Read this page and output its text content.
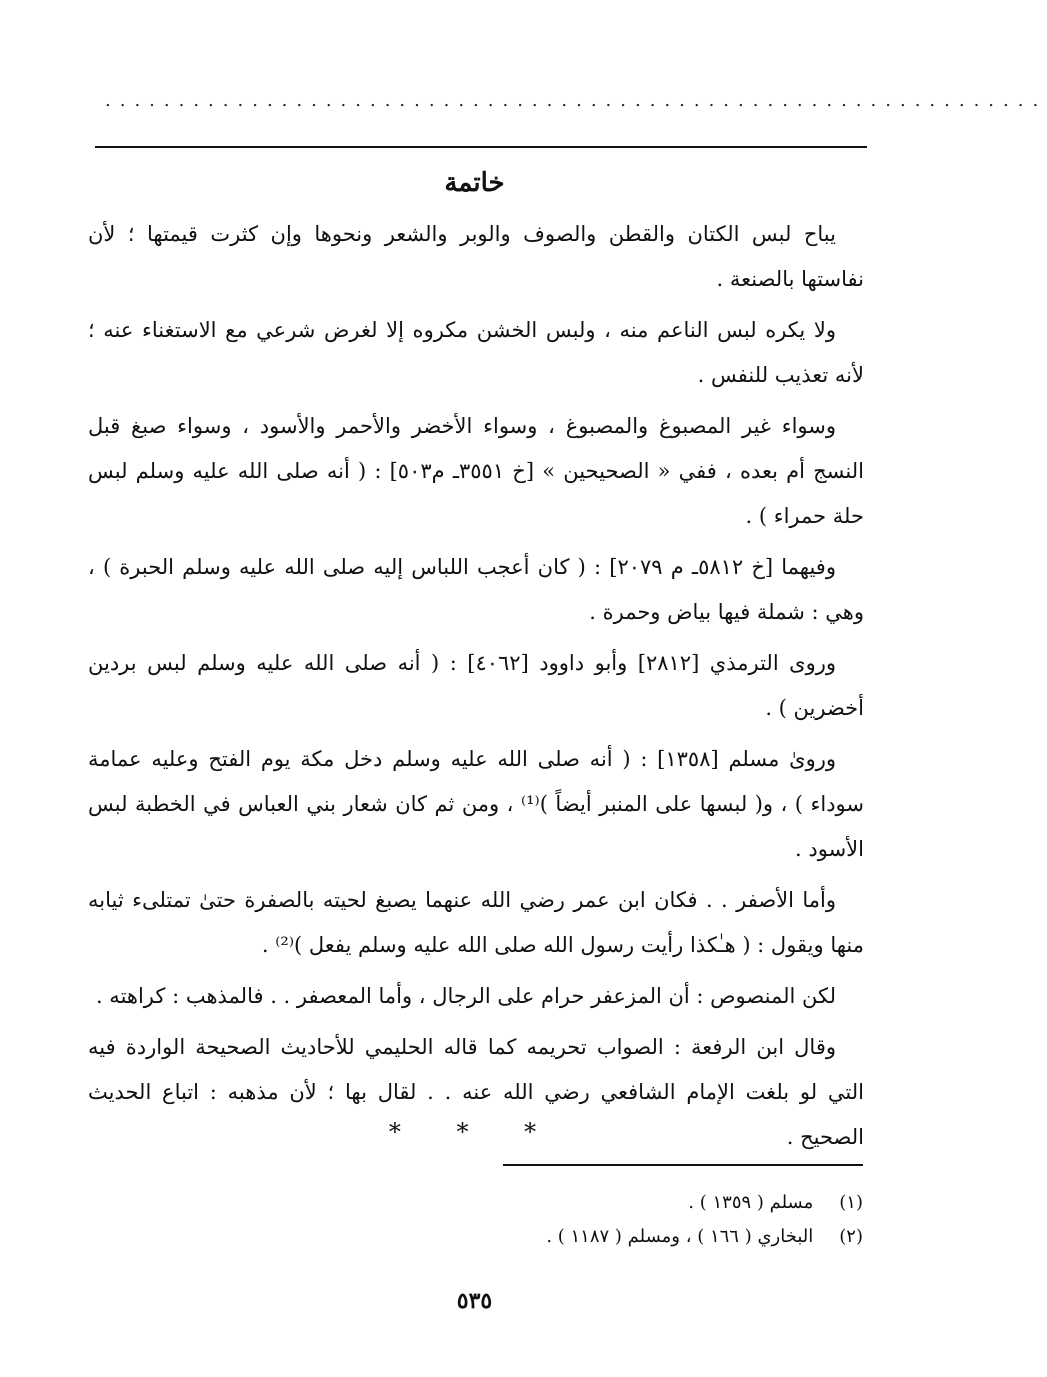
................................................................
خاتمة

يباح لبس الكتان والقطن والصوف والوبر والشعر ونحوها وإن كثرت قيمتها ؛ لأن نفاستها بالصنعة .

ولا يكره لبس الناعم منه ، ولبس الخشن مكروه إلا لغرض شرعي مع الاستغناء عنه ؛ لأنه تعذيب للنفس .

وسواء غير المصبوغ والمصبوغ ، وسواء الأخضر والأحمر والأسود ، وسواء صبغ قبل النسج أم بعده ، ففي « الصحيحين » [خ ٣٥٥١ـ م٥٠٣] : ( أنه صلى الله عليه وسلم لبس حلة حمراء ) .

وفيهما [خ ٥٨١٢ـ م ٢٠٧٩] : ( كان أعجب اللباس إليه صلى الله عليه وسلم الحبرة ) ، وهي : شملة فيها بياض وحمرة .

وروى الترمذي [٢٨١٢] وأبو داوود [٤٠٦٢] : ( أنه صلى الله عليه وسلم لبس بردين أخضرين ) .

ورویٰ مسلم [١٣٥٨] : ( أنه صلى الله عليه وسلم دخل مكة يوم الفتح وعليه عمامة سوداء ) ، و( لبسها على المنبر أيضاً )⁽¹⁾ ، ومن ثم كان شعار بني العباس في الخطبة لبس الأسود .

وأما الأصفر . . فكان ابن عمر رضي الله عنهما يصبغ لحيته بالصفرة حتىٰ تمتلىء ثيابه منها ويقول : ( هـٰكذا رأيت رسول الله صلى الله عليه وسلم يفعل )⁽²⁾ .

لكن المنصوص : أن المزعفر حرام على الرجال ، وأما المعصفر . . فالمذهب : كراهته .

وقال ابن الرفعة : الصواب تحريمه كما قاله الحليمي للأحاديث الصحيحة الواردة فيه التي لو بلغت الإمام الشافعي رضي الله عنه . . لقال بها ؛ لأن مذهبه : اتباع الحديث الصحيح .

* * *
(١) مسلم ( ١٣٥٩ ) .
(٢) البخاري ( ١٦٦ ) ، ومسلم ( ١١٨٧ ) .
٥٣٥
